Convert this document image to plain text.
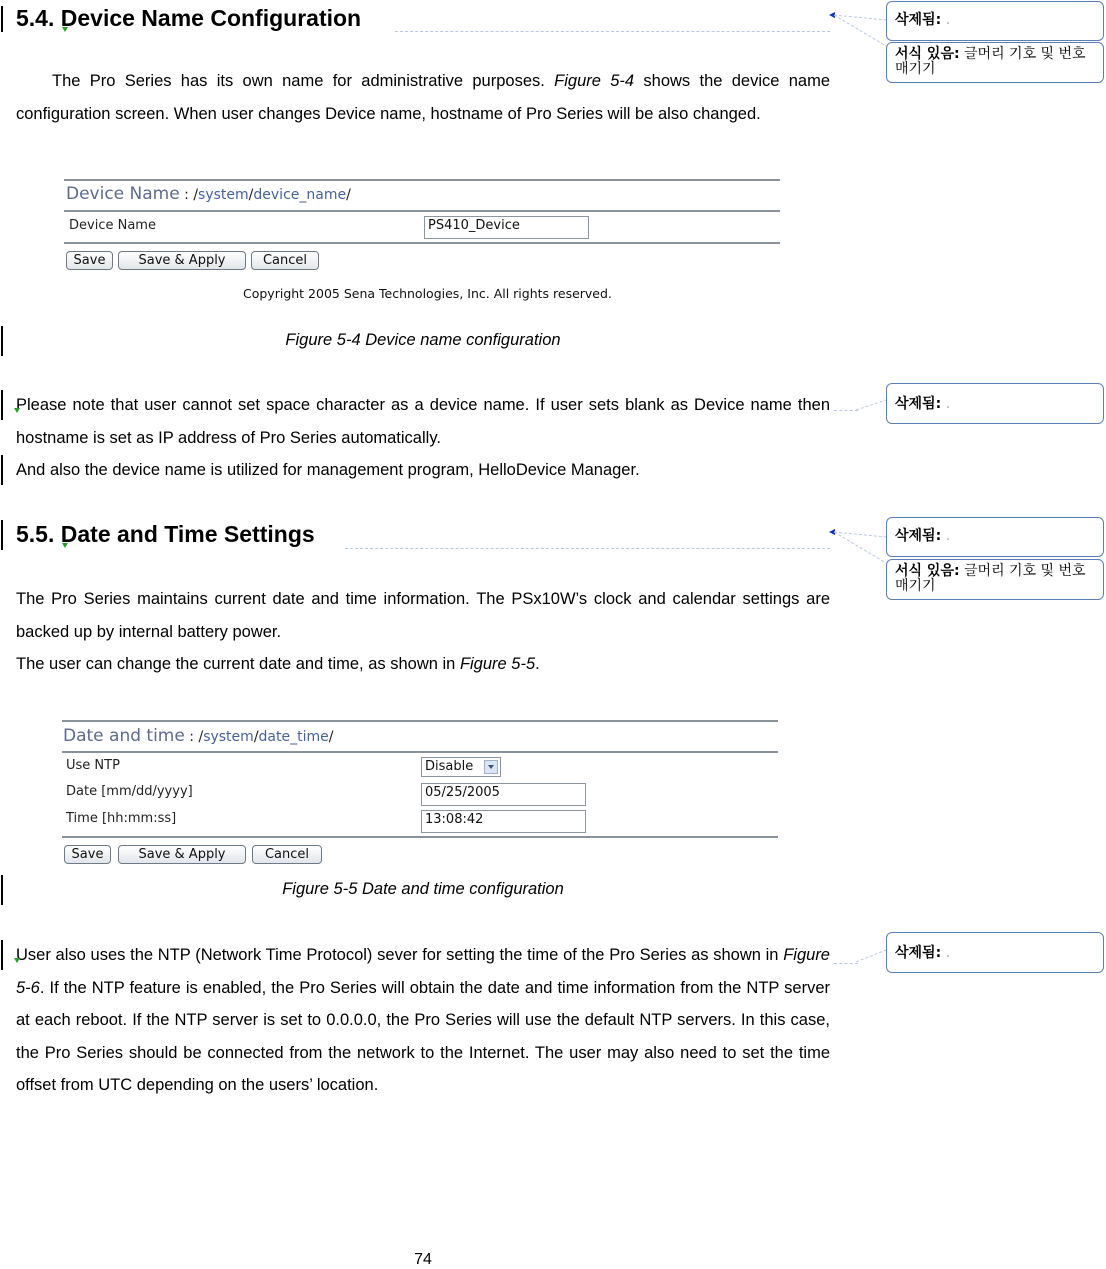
5.4. Device Name Configuration

The Pro Series has its own name for administrative purposes. Figure 5-4 shows the device name configuration screen. When user changes Device name, hostname of Pro Series will be also changed.

Device Name : /system/device_name/
Device Name	PS410_Device
Save	Save & Apply	Cancel
Copyright 2005 Sena Technologies, Inc. All rights reserved.

Figure 5-4 Device name configuration

Please note that user cannot set space character as a device name. If user sets blank as Device name then hostname is set as IP address of Pro Series automatically.

And also the device name is utilized for management program, HelloDevice Manager.

5.5. Date and Time Settings

The Pro Series maintains current date and time information. The PSx10W’s clock and calendar settings are backed up by internal battery power.

The user can change the current date and time, as shown in Figure 5-5.

Date and time : /system/date_time/
Use NTP	Disable
Date [mm/dd/yyyy]	05/25/2005
Time [hh:mm:ss]	13:08:42
Save	Save & Apply	Cancel

Figure 5-5 Date and time configuration

User also uses the NTP (Network Time Protocol) sever for setting the time of the Pro Series as shown in Figure 5-6. If the NTP feature is enabled, the Pro Series will obtain the date and time information from the NTP server at each reboot. If the NTP server is set to 0.0.0.0, the Pro Series will use the default NTP servers. In this case, the Pro Series should be connected from the network to the Internet. The user may also need to set the time offset from UTC depending on the users’ location.

삭제됨: .
서식 있음: 글머리 기호 및 번호 매기기
삭제됨: .
삭제됨: .
서식 있음: 글머리 기호 및 번호 매기기
삭제됨: .
74
